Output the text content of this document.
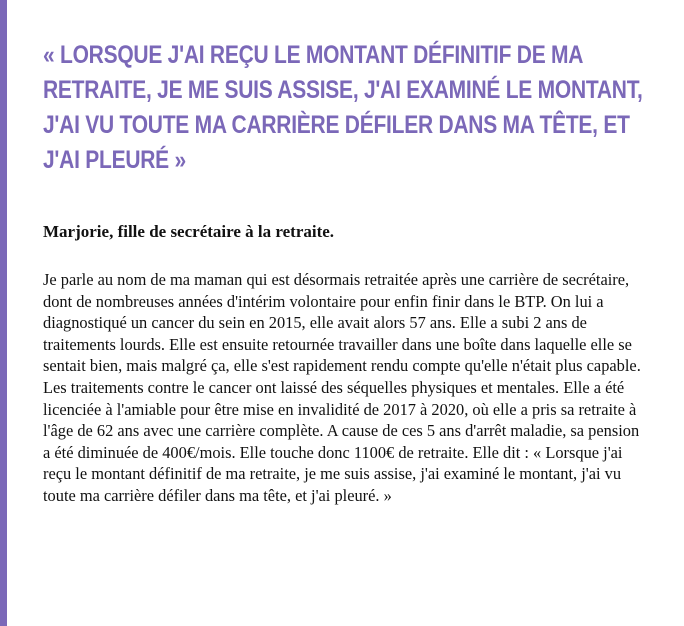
« LORSQUE J'AI REÇU LE MONTANT DÉFINITIF DE MA RETRAITE, JE ME SUIS ASSISE, J'AI EXAMINÉ LE MONTANT, J'AI VU TOUTE MA CARRIÈRE DÉFILER DANS MA TÊTE, ET J'AI PLEURÉ »

Marjorie, fille de secrétaire à la retraite.

Je parle au nom de ma maman qui est désormais retraitée après une carrière de secrétaire, dont de nombreuses années d'intérim volontaire pour enfin finir dans le BTP. On lui a diagnostiqué un cancer du sein en 2015, elle avait alors 57 ans. Elle a subi 2 ans de traitements lourds. Elle est ensuite retournée travailler dans une boîte dans laquelle elle se sentait bien, mais malgré ça, elle s'est rapidement rendu compte qu'elle n'était plus capable. Les traitements contre le cancer ont laissé des séquelles physiques et mentales. Elle a été licenciée à l'amiable pour être mise en invalidité de 2017 à 2020, où elle a pris sa retraite à l'âge de 62 ans avec une carrière complète. A cause de ces 5 ans d'arrêt maladie, sa pension a été diminuée de 400€/mois. Elle touche donc 1100€ de retraite. Elle dit : « Lorsque j'ai reçu le montant définitif de ma retraite, je me suis assise, j'ai examiné le montant, j'ai vu toute ma carrière défiler dans ma tête, et j'ai pleuré. »
